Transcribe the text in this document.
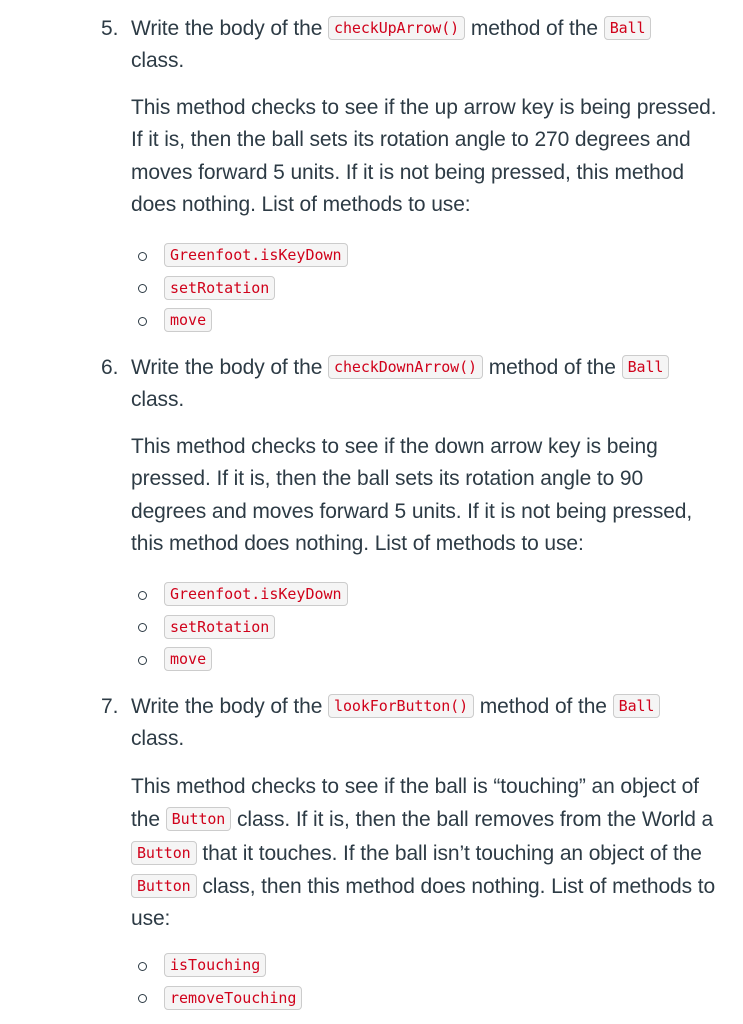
5. Write the body of the checkUpArrow() method of the Ball
class.
This method checks to see if the up arrow key is being pressed. If it is, then the ball sets its rotation angle to 270 degrees and moves forward 5 units. If it is not being pressed, this method does nothing. List of methods to use:
Greenfoot.isKeyDown
setRotation
move
6. Write the body of the checkDownArrow() method of the Ball
class.
This method checks to see if the down arrow key is being pressed. If it is, then the ball sets its rotation angle to 90 degrees and moves forward 5 units. If it is not being pressed, this method does nothing. List of methods to use:
Greenfoot.isKeyDown
setRotation
move
7. Write the body of the lookForButton() method of the Ball
class.
This method checks to see if the ball is “touching” an object of the Button class. If it is, then the ball removes from the World a Button that it touches. If the ball isn’t touching an object of the Button class, then this method does nothing. List of methods to use:
isTouching
removeTouching
